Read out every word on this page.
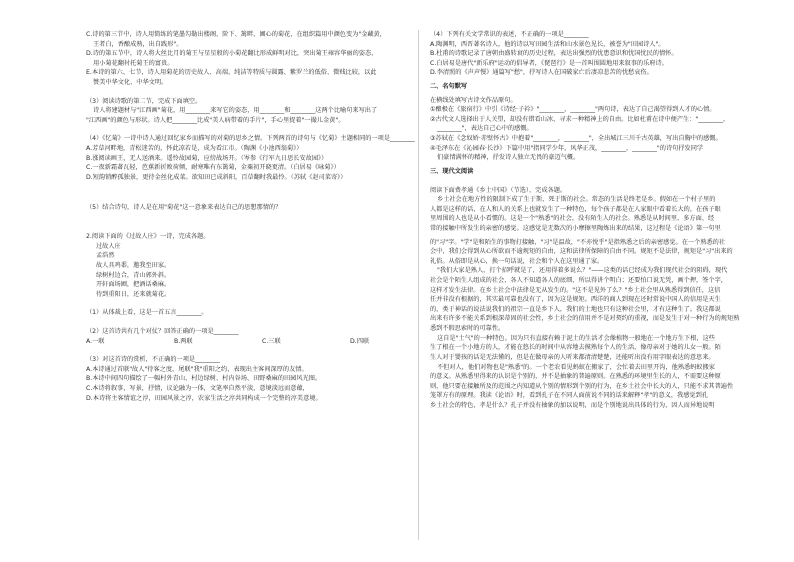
C.诗的第三节中，诗人用简练的笔墨勾勒出楼阁、阶下、篱畔、圃心的菊花，在组织篇用中颜色变为"金藏黄，
王者白，香酿成熟，出自践形"。
D.诗的第五节中，诗人将大丝比月的菊王与星星般的小菊花翻比形成鲜明对比，突出菊王雍容华丽的姿态，
用小菊花翻衬托菊王的富贵。
E.本诗的第六、七节，诗人用菊花的历史故人、高端、纯洁等特质与圆露、紫罗兰的低俗、微贱比较，以此
赞美中华文化、中华文明。
（3）阅读诗歌的第二节，完成下面填空。
诗人将建题材与"江西画"菊花，用________来写它的姿态，用________和________这两个比喻句来写出了
"江西画"的颜色与形状。诗人把________比成"美人病带着的手片"，手心里捉着"一撮儿金黄"。
（4）《忆菊》一诗中诗人通过回忆家乡而描写的对菊的思乡之情。下列两首的诗句与《忆菊》主题相同的一项是________
A.芳草河畔地，青松迷苦的，怀此凉若是，成为看江市。（陶渊《小池西翁菊》）
B.涨阅读画王，无人送酒来。遥怜故园菊，应傍战场开。（岑参《行军九日思长安故园》）
C.一夜新霜著瓦轻，芭蕉新折败荷倾，耐寒唯有东篱菊，金粟初开晓更清。（白居易《咏菊》）
D.短韵销醉孤独景，更待金丝化成菜。欲知田已成斜阳，百草翻时我最怜。（苏轼《赵司菜寄》）
（5）结合诗句，诗人是在用"菊花"这一意象来表达自己的思想那情的？
2.阅读下面的《过故人庄》一诗，完成各题。
过故人庄
孟浩然
故人具鸡黍，邀我至田家。
绿树村边合，青山郭外斜。
开轩面场圃，把酒话桑麻。
待到重阳日，还来就菊花。
（1）从体裁上看，这是一首五言________。
（2）这首诗共有几个对仗？回答正确的一项是________
A.一联	B.两联	C.三联	D.四联
（3）对这首诗的赏析，不正确的一项是________
A.本诗通过首联"故人"待客之度，尾联"我"重阳之约，表现出主客间深厚的友情。
B.本诗中间四句描绘了一幅村外青山、村边绿树、村内谷场、田野桑麻的田园风光图。
C.本诗将叙事，写景，抒情，议论融为一体，文笔率自然平淡，意境淡远而意蕴，
D.本诗将主客情谊之淳，田园风景之淳，农家生活之淳共同构成一个完整的淳美意境。
（4）下列有关文学常识的表述，不正确的一项是________
A.陶渊明，西晋著名诗人，他的诗以写田园生活和山水景色见长，被誉为"田园诗人"。
B.杜甫的诗歌记录了唐朝由盛转衰的历史过程，表达出强烈的忧患意识和忧国忧民的情怀。
C.白居易是唐代"新乐府"运动的倡导者，《琵琶行》是一首叫围圆地用来叙事的乐府诗。
D.李清照的《声声慢》通篇写"愁"，抒写诗人在国破家亡后凄凉悲苦的忧愁哀伤。
二、名句默写
在横线处填写古诗文作品原句。
①酿极在《旅宿行》中引《诗经·子衿》"________，________"两句诗，表达了自己渴望得到人才的心情。
②古代文人选择出于人关望，却没有错看山冰，寻求一种精神上的自由。比如杜甫在诗中便产生："________，
________"，表达自己心中的感慨。
③苏轼在《念奴娇·赤壁怀古》中抱着"________，________"，全出城江三川千古英雄，写出自胸中的感慨。
④毛泽东在《沁园春·长沙》下篇中用"指同学少年，风华正茂，________，________"的诗句抒发同学
们豪情满怀的精神，抒发诗人独立无畏的豪迈气概。
三、现代文阅读
阅读下面费孝通《乡土中国》（节选），完成各题。
乡土社会在地方性的限制下成了生于斯、死于斯的社会。常态的生活是终老是乡。假如在一个村子里的
人都是这样的话，在人和人的关系上也就发生了一种特色，每个孩子都是在人家眼中看着长大的，在孩子眼
里周围的人也是从小看惯的。这是一个"熟悉"的社会，没有陌生人的社会。熟悉是从时间里、多方面、经
常的接触中所发生的亲密的感觉。这感觉是无数次的小摩擦里陶炼出来的结果，这过程是《论语》第一句里
的"习"字。"学"是和陌生的事物打接触，"习"是温故，"不亦悦乎"是指熟悉之后的亲密感觉。在一个熟悉的社
会中，我们会得到从心所欲而不逾规矩的自由，这和法律所保障的自由不同。规矩不是法律，规矩是"习"出来的
礼俗。从俗即是从心，换一句话说，社会和个人在这里通了家。
"我们大家是熟人，打个招呼就是了，还用得着多说么？"——这类的话已经成为我们现代社会的阻碍，现代
社会是个陌生人组成的社会，各人不知道各人的底细，所以得讲个明白；还要怕口说无凭，画个押，签个字，
这样才发生法律。在乡土社会中法律是无从发生的。"这不是见外了么？"乡土社会里从熟悉得到信任，这信
任并非没有根据的，其实最可靠也没有了，因为这是规矩。西洋的商人到现在还时常说中国人的信用是天生
的，类于神话的说法说我们的祖宗一直是乡下人，我们的土地也只有这种社会里，才有这种生了。我这都说
出来有许多不能关系到根深蒂固的社会性，乡土社会的信用并不是对契约的重视，而是发生于对一种行为的规矩熟
悉到不假思索时的可靠性。
这自是"土气"的一种特色。因为只有直接有赖于泥土的生活才会像植物一般地在一个地方生下根，这些
生了根在一个小地方的人，才能在悠长的时间中从容地去摸熟每个人的生活，像母亲对于她的儿女一般。陌
生人对于婴孩的话是无法懂的，但是在做母亲的人听来都清清楚楚，还能听出没有用字眼表达的意思来。
不但对人，他们对物也是"熟悉"的。一个老农看见蚂蚁在搬家了，会忙着去田里开沟，他熟悉蚂蚁搬家
的意义。从熟悉里得来的认识是个别的，并不是抽象的普遍原则。在熟悉的环境里生长的人，不需要这种原
则，他只要在接触所及的范围之内知道从个别的情形到个别的行为，在乡土社会中长大的人，只能不求其普遍性
笼罩方有的原理。我读《论语》时，看到孔子在不同人面前说不同的话来解释"孝"的意义，我感觉到孔
乡土社会的特色，孝是什么？孔子并没有抽象的加以说明，而是个别地说出具体的行为，因人而异地说明
